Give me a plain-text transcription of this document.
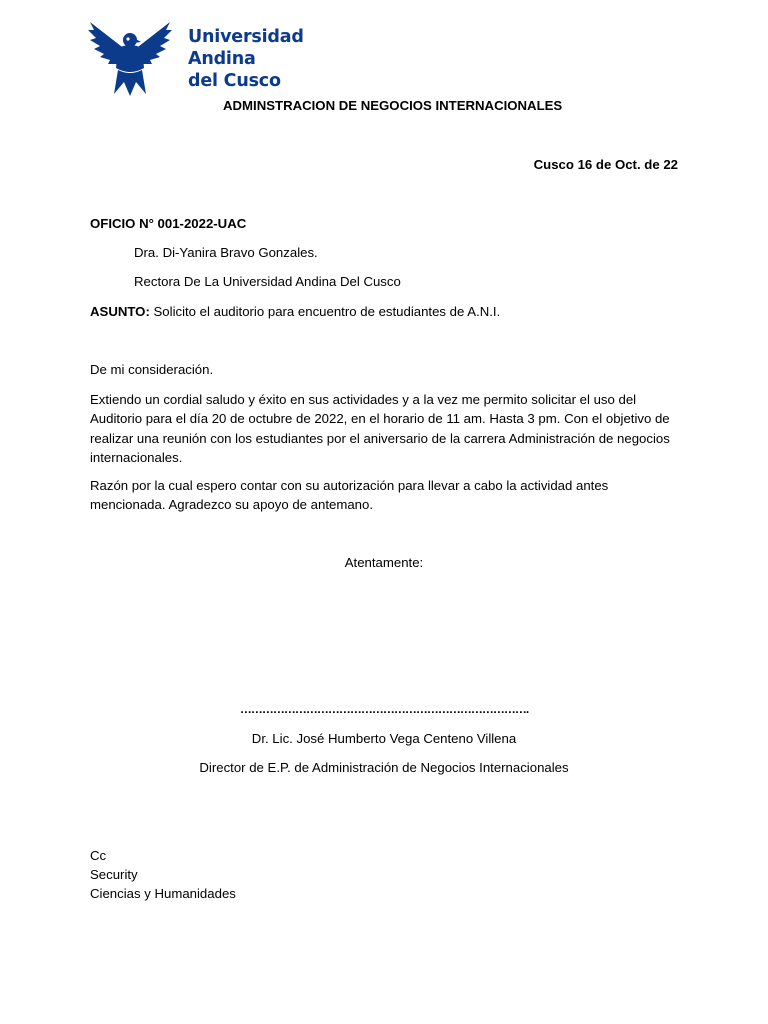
Universidad
Andina
del Cusco
ADMINSTRACION DE NEGOCIOS INTERNACIONALES
Cusco 16 de Oct. de 22
OFICIO N° 001-2022-UAC
Dra. Di-Yanira Bravo Gonzales.
Rectora De La Universidad Andina Del Cusco
ASUNTO: Solicito el auditorio para encuentro de estudiantes de A.N.I.
De mi consideración.
Extiendo un cordial saludo y éxito en sus actividades y a la vez me permito solicitar el uso del Auditorio para el día 20 de octubre de 2022, en el horario de 11 am. Hasta 3 pm. Con el objetivo de realizar una reunión con los estudiantes por el aniversario de la carrera Administración de negocios internacionales.
Razón por la cual espero contar con su autorización para llevar a cabo la actividad antes mencionada. Agradezco su apoyo de antemano.
Atentamente:
…………………………………………………………………….
Dr. Lic. José Humberto Vega Centeno Villena
Director de E.P. de Administración de Negocios Internacionales
Cc
Security
Ciencias y Humanidades
